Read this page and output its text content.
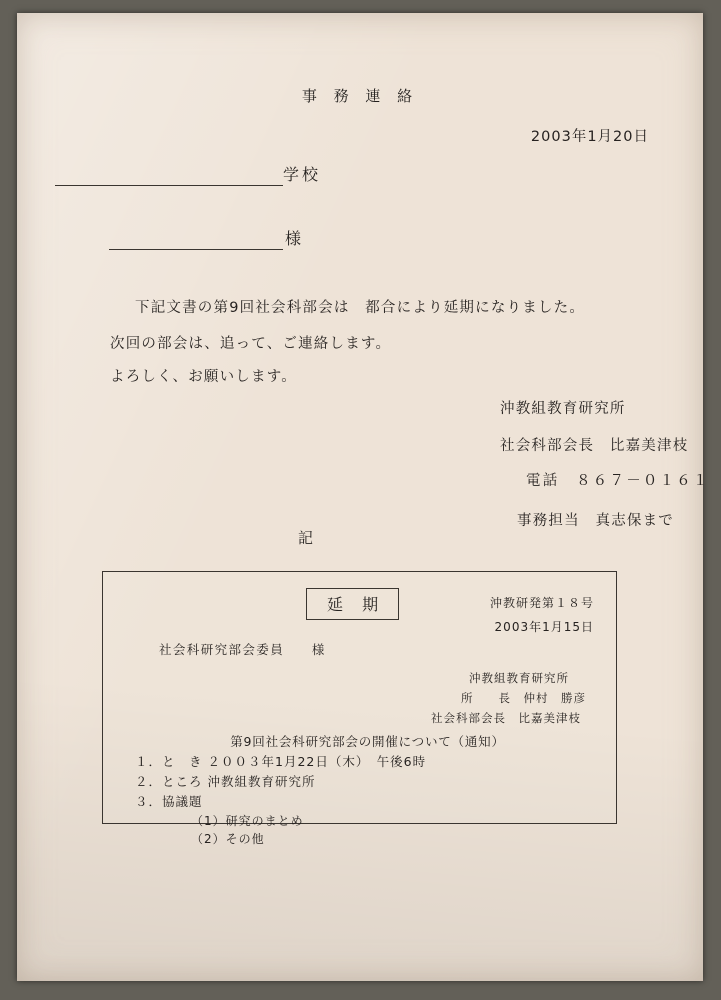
事 務 連 絡
2003年1月20日
学校
様
下記文書の第9回社会科部会は　都合により延期になりました。
次回の部会は、追って、ご連絡します。
よろしく、お願いします。
沖教組教育研究所
社会科部会長　比嘉美津枝
電話　８６７－０１６１
事務担当　真志保まで
記
延 期	沖教研発第１８号
2003年1月15日
社会科研究部会委員　　様
沖教組教育研究所
所　　長　仲村　勝彦
社会科部会長　比嘉美津枝
第9回社会科研究部会の開催について（通知）
１．と　き ２００３年1月22日（木）　午後6時
２．ところ 沖教組教育研究所
３．協議題
（1）研究のまとめ
（2）その他
